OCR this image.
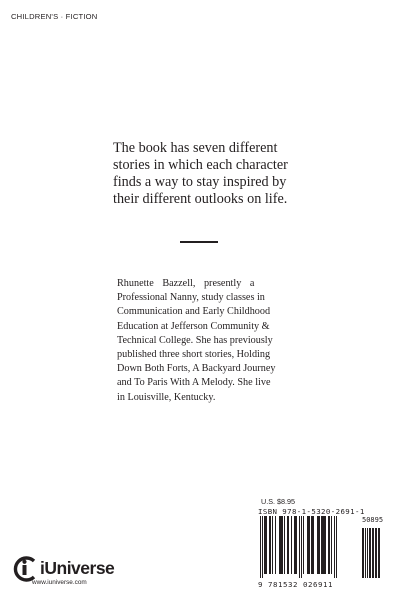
CHILDREN'S · FICTION
The book has seven different
stories in which each character
finds a way to stay inspired by
their different outlooks on life.
Rhunette Bazzell, presently a
Professional Nanny, study classes in
Communication and Early Childhood
Education at Jefferson Community &
Technical College. She has previously
published three short stories, Holding
Down Both Forts, A Backyard Journey
and To Paris With A Melody. She live
in Louisville, Kentucky.
U.S. $8.95
ISBN 978-1-5320-2691-1
50895
9 781532 026911
iUniverse
www.iuniverse.com
